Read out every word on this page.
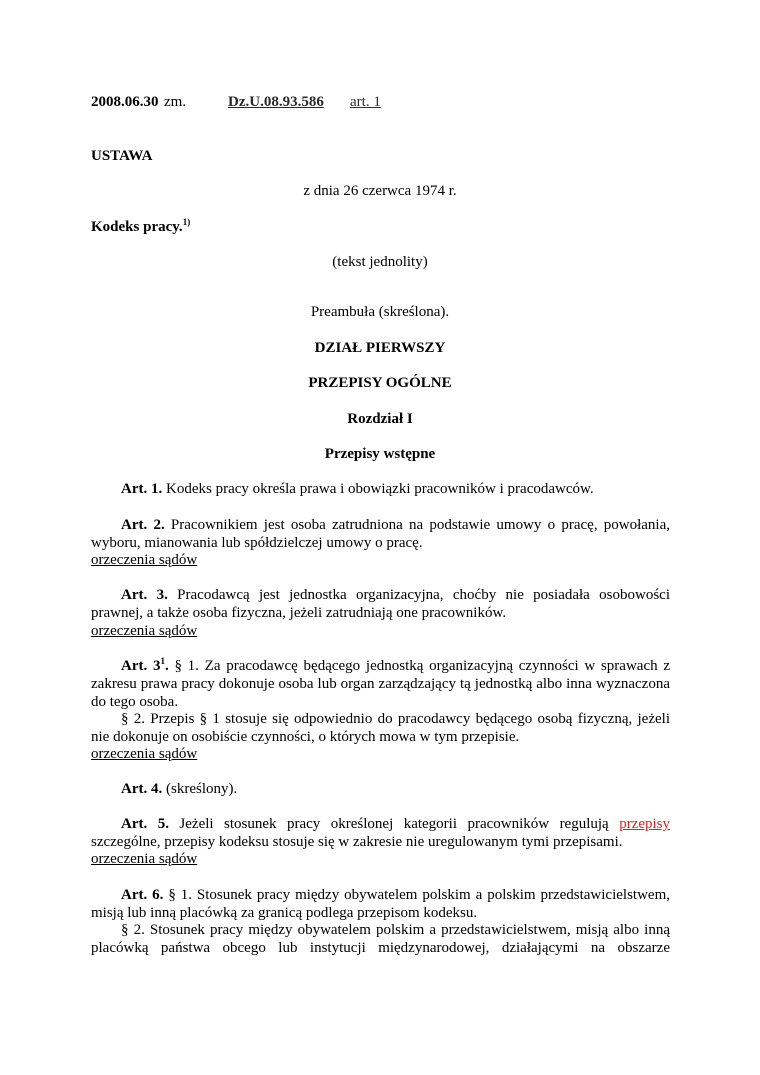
2008.06.30 zm.	Dz.U.08.93.586 art. 1
USTAWA
z dnia 26 czerwca 1974 r.
Kodeks pracy.$^{1)}$
(tekst jednolity)
Preambuła (skreślona).
DZIAŁ PIERWSZY
PRZEPISY OGÓLNE
Rozdział I
Przepisy wstępne
Art. 1. Kodeks pracy określa prawa i obowiązki pracowników i pracodawców.
Art. 2. Pracownikiem jest osoba zatrudniona na podstawie umowy o pracę, powołania, wyboru, mianowania lub spółdzielczej umowy o pracę.
orzeczenia sądów
Art. 3. Pracodawcą jest jednostka organizacyjna, choćby nie posiadała osobowości prawnej, a także osoba fizyczna, jeżeli zatrudniają one pracowników.
orzeczenia sądów
Art. $3^1$. § 1. Za pracodawcę będącego jednostką organizacyjną czynności w sprawach z zakresu prawa pracy dokonuje osoba lub organ zarządzający tą jednostką albo inna wyznaczona do tego osoba.
§ 2. Przepis § 1 stosuje się odpowiednio do pracodawcy będącego osobą fizyczną, jeżeli nie dokonuje on osobiście czynności, o których mowa w tym przepisie.
orzeczenia sądów
Art. 4. (skreślony).
Art. 5. Jeżeli stosunek pracy określonej kategorii pracowników regulują przepisy szczególne, przepisy kodeksu stosuje się w zakresie nie uregulowanym tymi przepisami.
orzeczenia sądów
Art. 6. § 1. Stosunek pracy między obywatelem polskim a polskim przedstawicielstwem, misją lub inną placówką za granicą podlega przepisom kodeksu.
§ 2. Stosunek pracy między obywatelem polskim a przedstawicielstwem, misją albo inną placówką państwa obcego lub instytucji międzynarodowej, działającymi na obszarze
